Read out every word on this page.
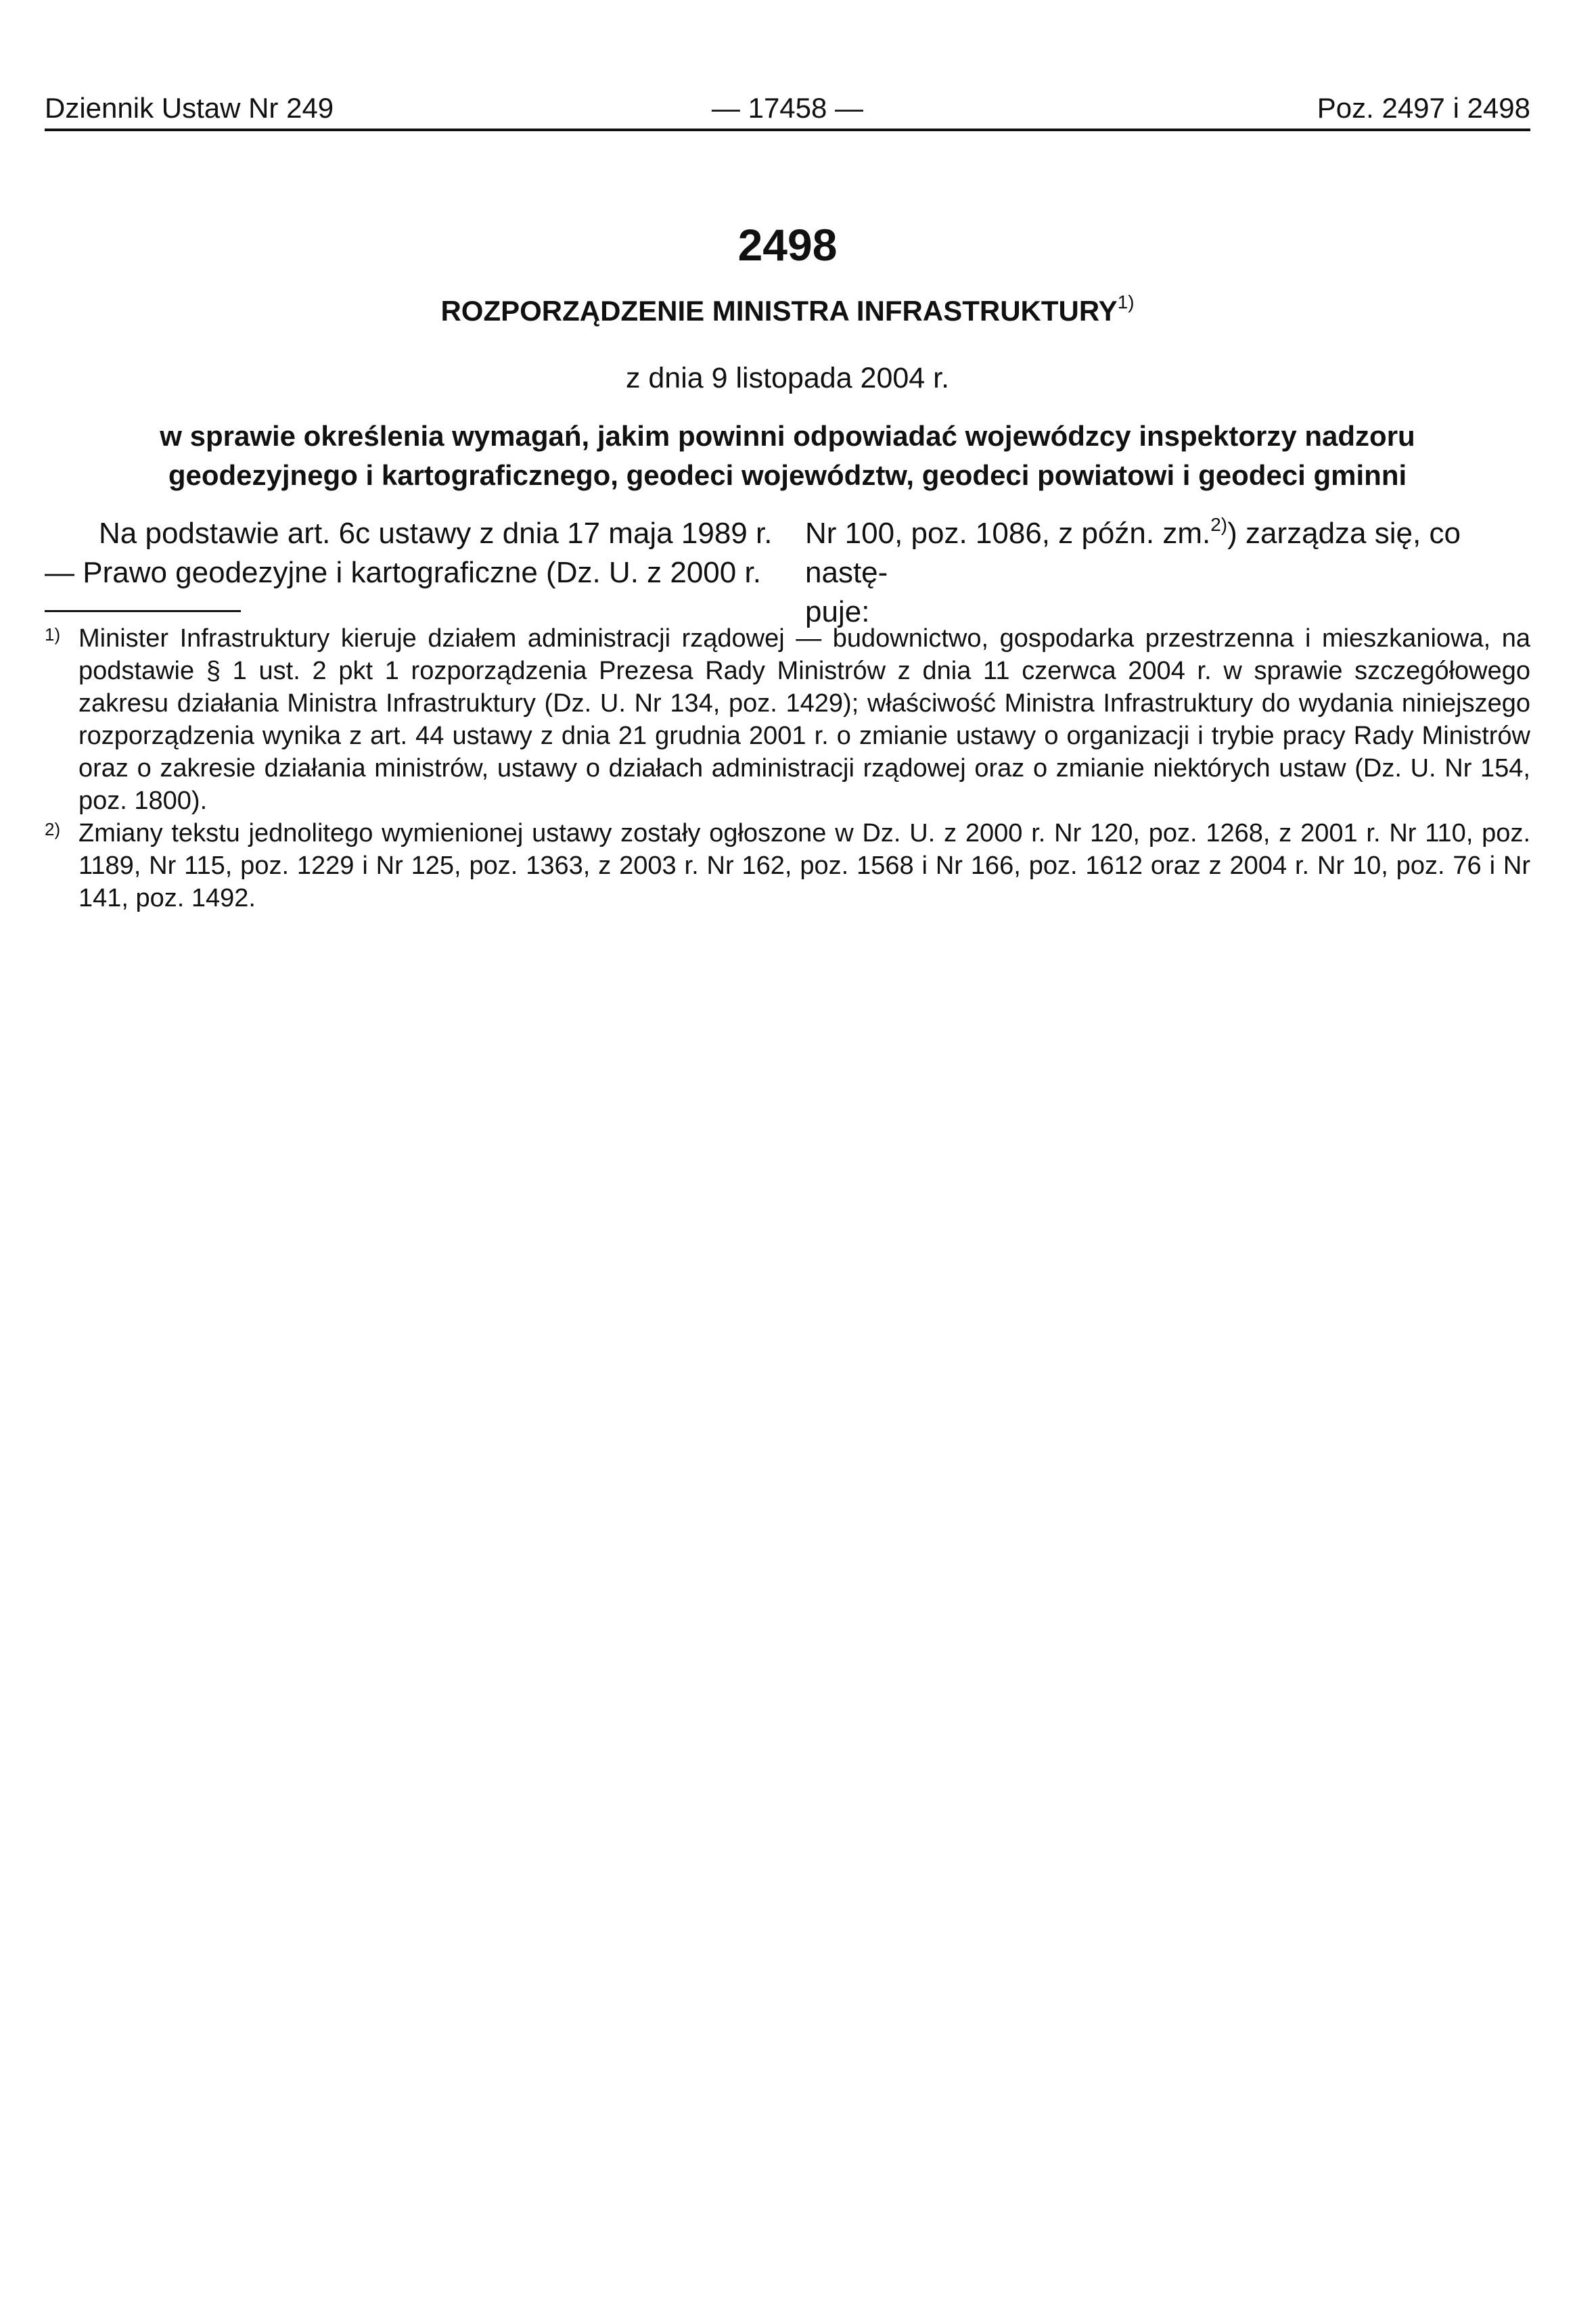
Dziennik Ustaw Nr 249	— 17458 —	Poz. 2497 i 2498
2498
ROZPORZĄDZENIE MINISTRA INFRASTRUKTURY$^{1)}$
z dnia 9 listopada 2004 r.
w sprawie określenia wymagań, jakim powinni odpowiadać wojewódzcy inspektorzy nadzoru geodezyjnego i kartograficznego, geodeci województw, geodeci powiatowi i geodeci gminni

Na podstawie art. 6c ustawy z dnia 17 maja 1989 r.

— Prawo geodezyjne i kartograficzne (Dz. U. z 2000 r.

Nr 100, poz. 1086, z późn. zm.$^{2)}$) zarządza się, co nastę-

puje:

1) Minister Infrastruktury kieruje działem administracji rządowej — budownictwo, gospodarka przestrzenna i mieszkaniowa, na podstawie § 1 ust. 2 pkt 1 rozporządzenia Prezesa Rady Ministrów z dnia 11 czerwca 2004 r. w sprawie szczegółowego zakresu działania Ministra Infrastruktury (Dz. U. Nr 134, poz. 1429); właściwość Ministra Infrastruktury do wydania niniejszego rozporządzenia wynika z art. 44 ustawy z dnia 21 grudnia 2001 r. o zmianie ustawy o organizacji i trybie pracy Rady Ministrów oraz o zakresie działania ministrów, ustawy o działach administracji rządowej oraz o zmianie niektórych ustaw (Dz. U. Nr 154, poz. 1800).

2) Zmiany tekstu jednolitego wymienionej ustawy zostały ogłoszone w Dz. U. z 2000 r. Nr 120, poz. 1268, z 2001 r. Nr 110, poz. 1189, Nr 115, poz. 1229 i Nr 125, poz. 1363, z 2003 r. Nr 162, poz. 1568 i Nr 166, poz. 1612 oraz z 2004 r. Nr 10, poz. 76 i Nr 141, poz. 1492.
